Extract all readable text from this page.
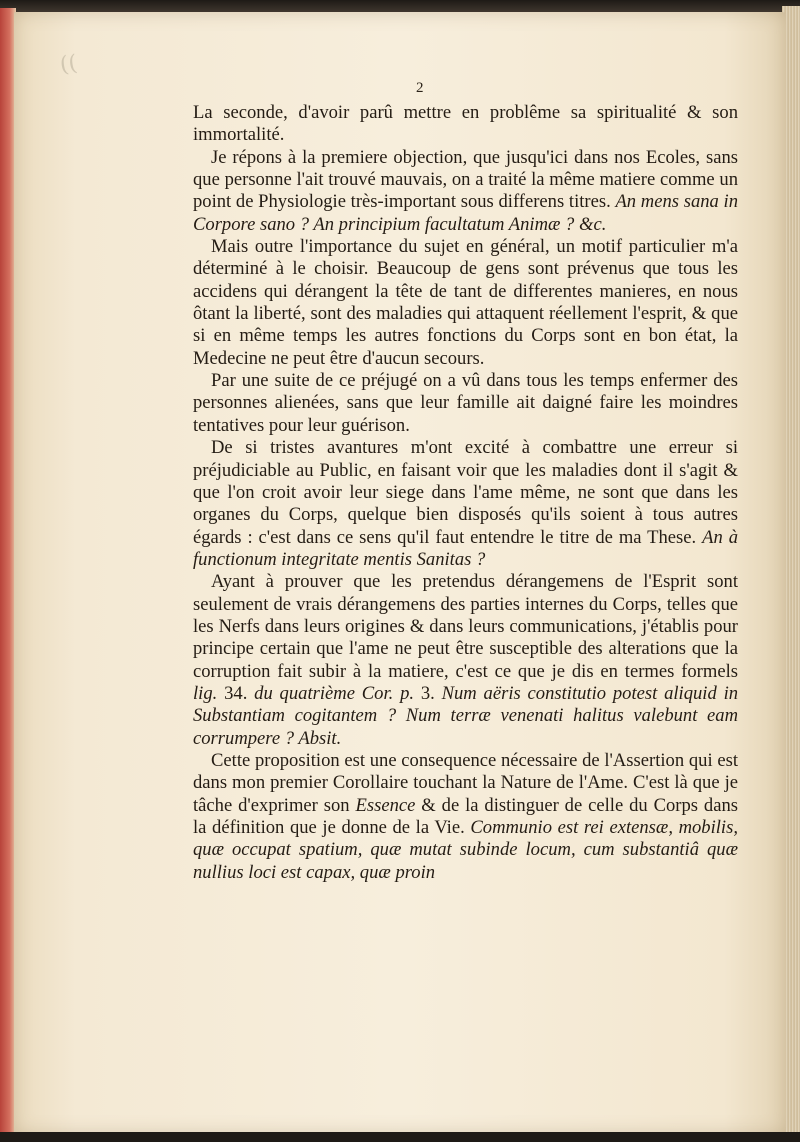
((
2

La seconde, d'avoir parû mettre en problême sa spiritualité & son immortalité.

Je répons à la premiere objection, que jusqu'ici dans nos Ecoles, sans que personne l'ait trouvé mauvais, on a traité la même matiere comme un point de Physiologie très-important sous differens titres. An mens sana in Corpore sano ? An principium facultatum Animæ ? &c.

Mais outre l'importance du sujet en général, un motif particulier m'a déterminé à le choisir. Beaucoup de gens sont prévenus que tous les accidens qui dérangent la tête de tant de differentes manieres, en nous ôtant la liberté, sont des maladies qui attaquent réellement l'esprit, & que si en même temps les autres fonctions du Corps sont en bon état, la Medecine ne peut être d'aucun secours.

Par une suite de ce préjugé on a vû dans tous les temps enfermer des personnes alienées, sans que leur famille ait daigné faire les moindres tentatives pour leur guérison.

De si tristes avantures m'ont excité à combattre une erreur si préjudiciable au Public, en faisant voir que les maladies dont il s'agit & que l'on croit avoir leur siege dans l'ame même, ne sont que dans les organes du Corps, quelque bien disposés qu'ils soient à tous autres égards : c'est dans ce sens qu'il faut entendre le titre de ma These. An à functionum integritate mentis Sanitas ?

Ayant à prouver que les pretendus dérangemens de l'Esprit sont seulement de vrais dérangemens des parties internes du Corps, telles que les Nerfs dans leurs origines & dans leurs communications, j'établis pour principe certain que l'ame ne peut être susceptible des alterations que la corruption fait subir à la matiere, c'est ce que je dis en termes formels lig. 34. du quatrième Cor. p. 3. Num aëris constitutio potest aliquid in Substantiam cogitantem ? Num terræ venenati halitus valebunt eam corrumpere ? Absit.

Cette proposition est une consequence nécessaire de l'Assertion qui est dans mon premier Corollaire touchant la Nature de l'Ame. C'est là que je tâche d'exprimer son Essence & de la distinguer de celle du Corps dans la définition que je donne de la Vie. Communio est rei extensæ, mobilis, quæ occupat spatium, quæ mutat subinde locum, cum substantiâ quæ nullius loci est capax, quæ proin
